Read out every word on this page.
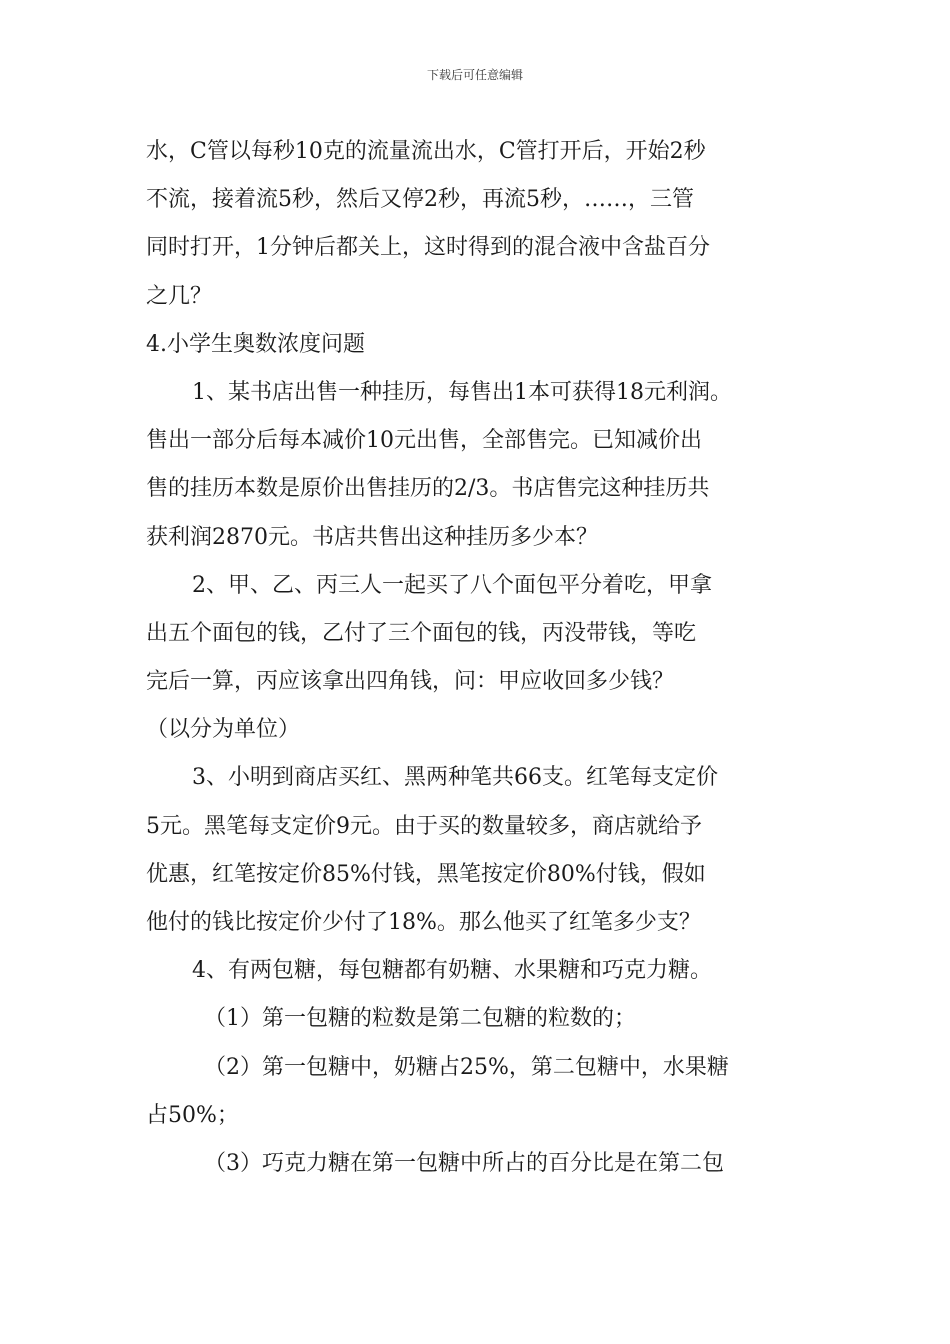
下载后可任意编辑
水，C管以每秒10克的流量流出水，C管打开后，开始2秒
不流，接着流5秒，然后又停2秒，再流5秒，……，三管
同时打开，1分钟后都关上，这时得到的混合液中含盐百分
之几？
4.小学生奥数浓度问题
1、某书店出售一种挂历，每售出1本可获得18元利润。
售出一部分后每本减价10元出售，全部售完。已知减价出
售的挂历本数是原价出售挂历的2/3。书店售完这种挂历共
获利润2870元。书店共售出这种挂历多少本？
2、甲、乙、丙三人一起买了八个面包平分着吃，甲拿
出五个面包的钱，乙付了三个面包的钱，丙没带钱，等吃
完后一算，丙应该拿出四角钱，问：甲应收回多少钱？
（以分为单位）
3、小明到商店买红、黑两种笔共66支。红笔每支定价
5元。黑笔每支定价9元。由于买的数量较多，商店就给予
优惠，红笔按定价85%付钱，黑笔按定价80%付钱，假如
他付的钱比按定价少付了18%。那么他买了红笔多少支？
4、有两包糖，每包糖都有奶糖、水果糖和巧克力糖。
（1）第一包糖的粒数是第二包糖的粒数的；
（2）第一包糖中，奶糖占25%，第二包糖中，水果糖
占50%；
（3）巧克力糖在第一包糖中所占的百分比是在第二包
